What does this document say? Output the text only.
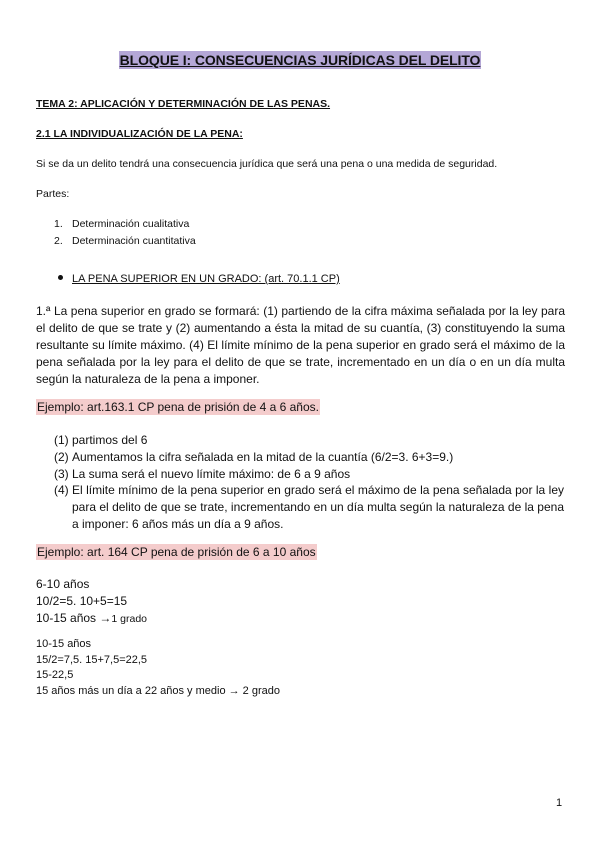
BLOQUE I: CONSECUENCIAS JURÍDICAS DEL DELITO
TEMA 2: APLICACIÓN Y DETERMINACIÓN DE LAS PENAS.
2.1 LA INDIVIDUALIZACIÓN DE LA PENA:
Si se da un delito tendrá una consecuencia jurídica que será una pena o una medida de seguridad.
Partes:
1. Determinación cualitativa
2. Determinación cuantitativa
LA PENA SUPERIOR EN UN GRADO: (art. 70.1.1 CP)
1.ª La pena superior en grado se formará: (1) partiendo de la cifra máxima señalada por la ley para el delito de que se trate y (2) aumentando a ésta la mitad de su cuantía, (3) constituyendo la suma resultante su límite máximo. (4) El límite mínimo de la pena superior en grado será el máximo de la pena señalada por la ley para el delito de que se trate, incrementado en un día o en un día multa según la naturaleza de la pena a imponer.
Ejemplo: art.163.1 CP pena de prisión de 4 a 6 años.
(1) partimos del 6
(2) Aumentamos la cifra señalada en la mitad de la cuantía (6/2=3. 6+3=9.)
(3) La suma será el nuevo límite máximo: de 6 a 9 años
(4) El límite mínimo de la pena superior en grado será el máximo de la pena señalada por la ley para el delito de que se trate, incrementando en un día multa según la naturaleza de la pena a imponer: 6 años más un día a 9 años.
Ejemplo: art. 164 CP pena de prisión de 6 a 10 años
6-10 años
10/2=5. 10+5=15
10-15 años →1 grado
10-15 años
15/2=7,5. 15+7,5=22,5
15-22,5
15 años más un día a 22 años y medio → 2 grado
1
